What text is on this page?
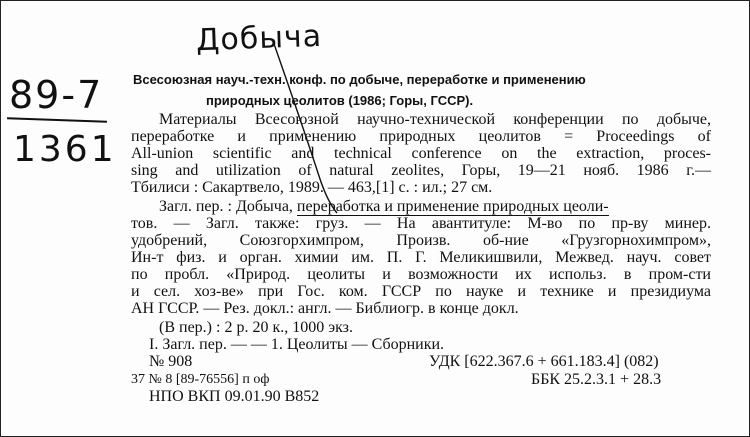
Добыча
89-7
1361
Всесоюзная науч.-техн. конф. по добыче, переработке и применению
природных цеолитов (1986; Горы, ГССР).
Материалы Всесоюзной научно-технической конференции по добыче,
переработке и применению природных цеолитов = Proceedings of
All-union scientific and technical conference on the extraction, proces-
sing and utilization of natural zeolites, Горы, 19—21 нояб. 1986 г.—
Тбилиси : Сакартвело, 1989. — 463,[1] с. : ил.; 27 см.
Загл. пер. : Добыча, переработка и применение природных цеоли-
тов. — Загл. также: груз. — На авантитуле: М-во по пр-ву минер.
удобрений, Союзгорхимпром, Произв. об-ние «Грузгорнохимпром»,
Ин-т физ. и орган. химии им. П. Г. Меликишвили, Межвед. науч. совет
по пробл. «Природ. цеолиты и возможности их использ. в пром-сти
и сел. хоз-ве» при Гос. ком. ГССР по науке и технике и президиума
АН ГССР. — Рез. докл.: англ. — Библиогр. в конце докл.
(В пер.) : 2 р. 20 к., 1000 экз.
I. Загл. пер. — — 1. Цеолиты — Сборники.
№ 908	УДК [622.367.6 + 661.183.4] (082)
37 № 8 [89-76556] п оф	ББК 25.2.3.1 + 28.3
НПО ВКП 09.01.90 В852
